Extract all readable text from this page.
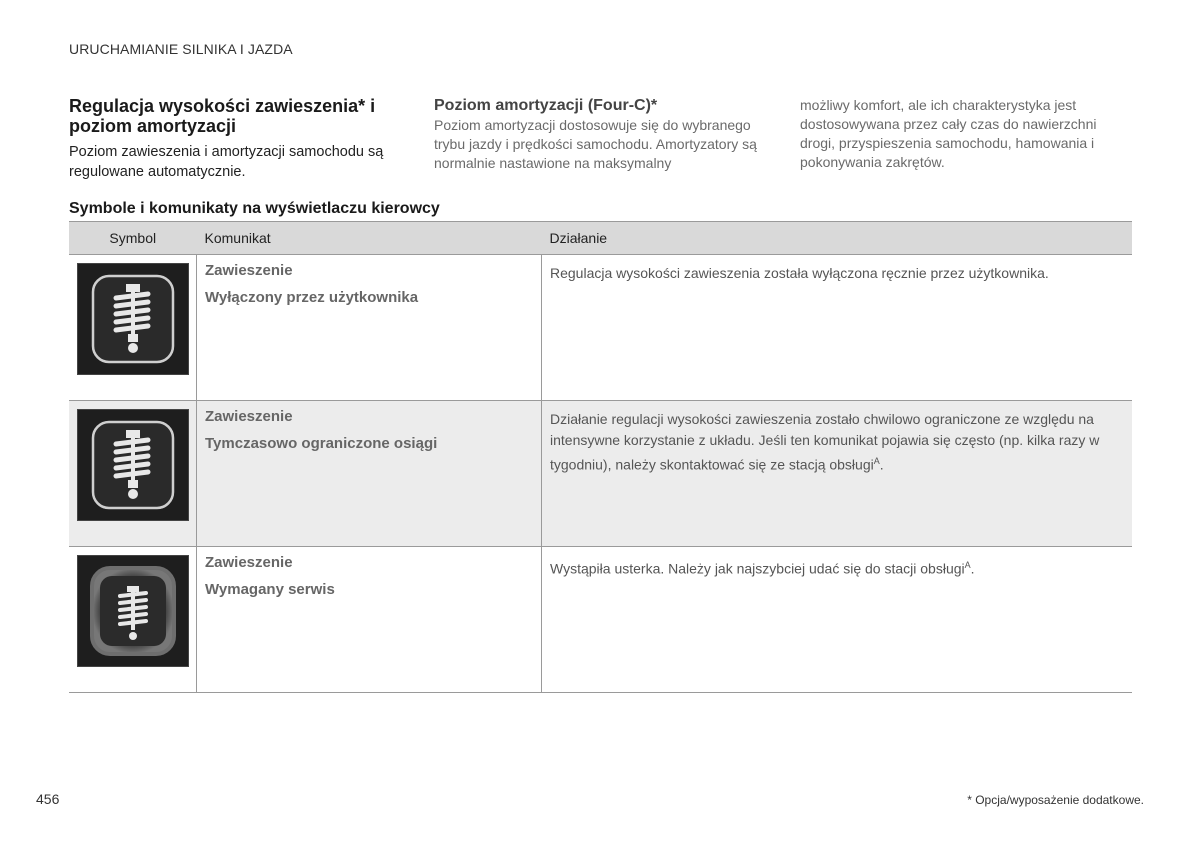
URUCHAMIANIE SILNIKA I JAZDA
Regulacja wysokości zawieszenia* i poziom amortyzacji
Poziom zawieszenia i amortyzacji samochodu są regulowane automatycznie.
Poziom amortyzacji (Four-C)*
Poziom amortyzacji dostosowuje się do wybranego trybu jazdy i prędkości samochodu. Amortyzatory są normalnie nastawione na maksymalny
możliwy komfort, ale ich charakterystyka jest dostosowywana przez cały czas do nawierzchni drogi, przyspieszenia samochodu, hamowania i pokonywania zakrętów.
Symbole i komunikaty na wyświetlaczu kierowcy
Symbol	Komunikat	Działanie

Zawieszenie
Wyłączony przez użytkownika	Regulacja wysokości zawieszenia została wyłączona ręcznie przez użytkownika.

Zawieszenie
Tymczasowo ograniczone osiągi	Działanie regulacji wysokości zawieszenia zostało chwilowo ograniczone ze względu na intensywne korzystanie z układu. Jeśli ten komunikat pojawia się często (np. kilka razy w tygodniu), należy skontaktować się ze stacją obsługi$^A$.

Zawieszenie
Wymagany serwis	Wystąpiła usterka. Należy jak najszybciej udać się do stacji obsługi$^A$.
456	* Opcja/wyposażenie dodatkowe.
